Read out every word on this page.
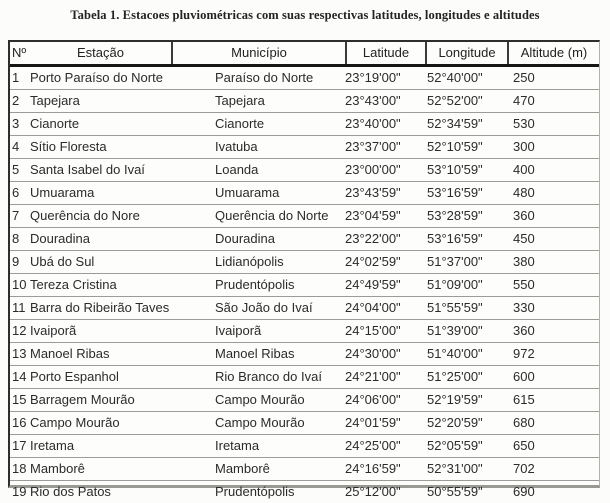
Tabela 1. Estacoes pluviométricas com suas respectivas latitudes, longitudes e altitudes
Nº	Estação	Município	Latitude	Longitude	Altitude (m)
1 Porto Paraíso do Norte	Paraíso do Norte	23°19'00"	52°40'00"	250
2 Tapejara	Tapejara	23°43'00"	52°52'00"	470
3 Cianorte	Cianorte	23°40'00"	52°34'59"	530
4 Sítio Floresta	Ivatuba	23°37'00"	52°10'59"	300
5 Santa Isabel do Ivaí	Loanda	23°00'00"	53°10'59"	400
6 Umuarama	Umuarama	23°43'59"	53°16'59"	480
7 Querência do Nore	Querência do Norte	23°04'59"	53°28'59"	360
8 Douradina	Douradina	23°22'00"	53°16'59"	450
9 Ubá do Sul	Lidianópolis	24°02'59"	51°37'00"	380
10 Tereza Cristina	Prudentópolis	24°49'59"	51°09'00"	550
11 Barra do Ribeirão Taves	São João do Ivaí	24°04'00"	51°55'59"	330
12 Ivaiporã	Ivaiporã	24°15'00"	51°39'00"	360
13 Manoel Ribas	Manoel Ribas	24°30'00"	51°40'00"	972
14 Porto Espanhol	Rio Branco do Ivaí	24°21'00"	51°25'00"	600
15 Barragem Mourão	Campo Mourão	24°06'00"	52°19'59"	615
16 Campo Mourão	Campo Mourão	24°01'59"	52°20'59"	680
17 Iretama	Iretama	24°25'00"	52°05'59"	650
18 Mamborê	Mamborê	24°16'59"	52°31'00"	702
19 Rio dos Patos	Prudentópolis	25°12'00"	50°55'59"	690
